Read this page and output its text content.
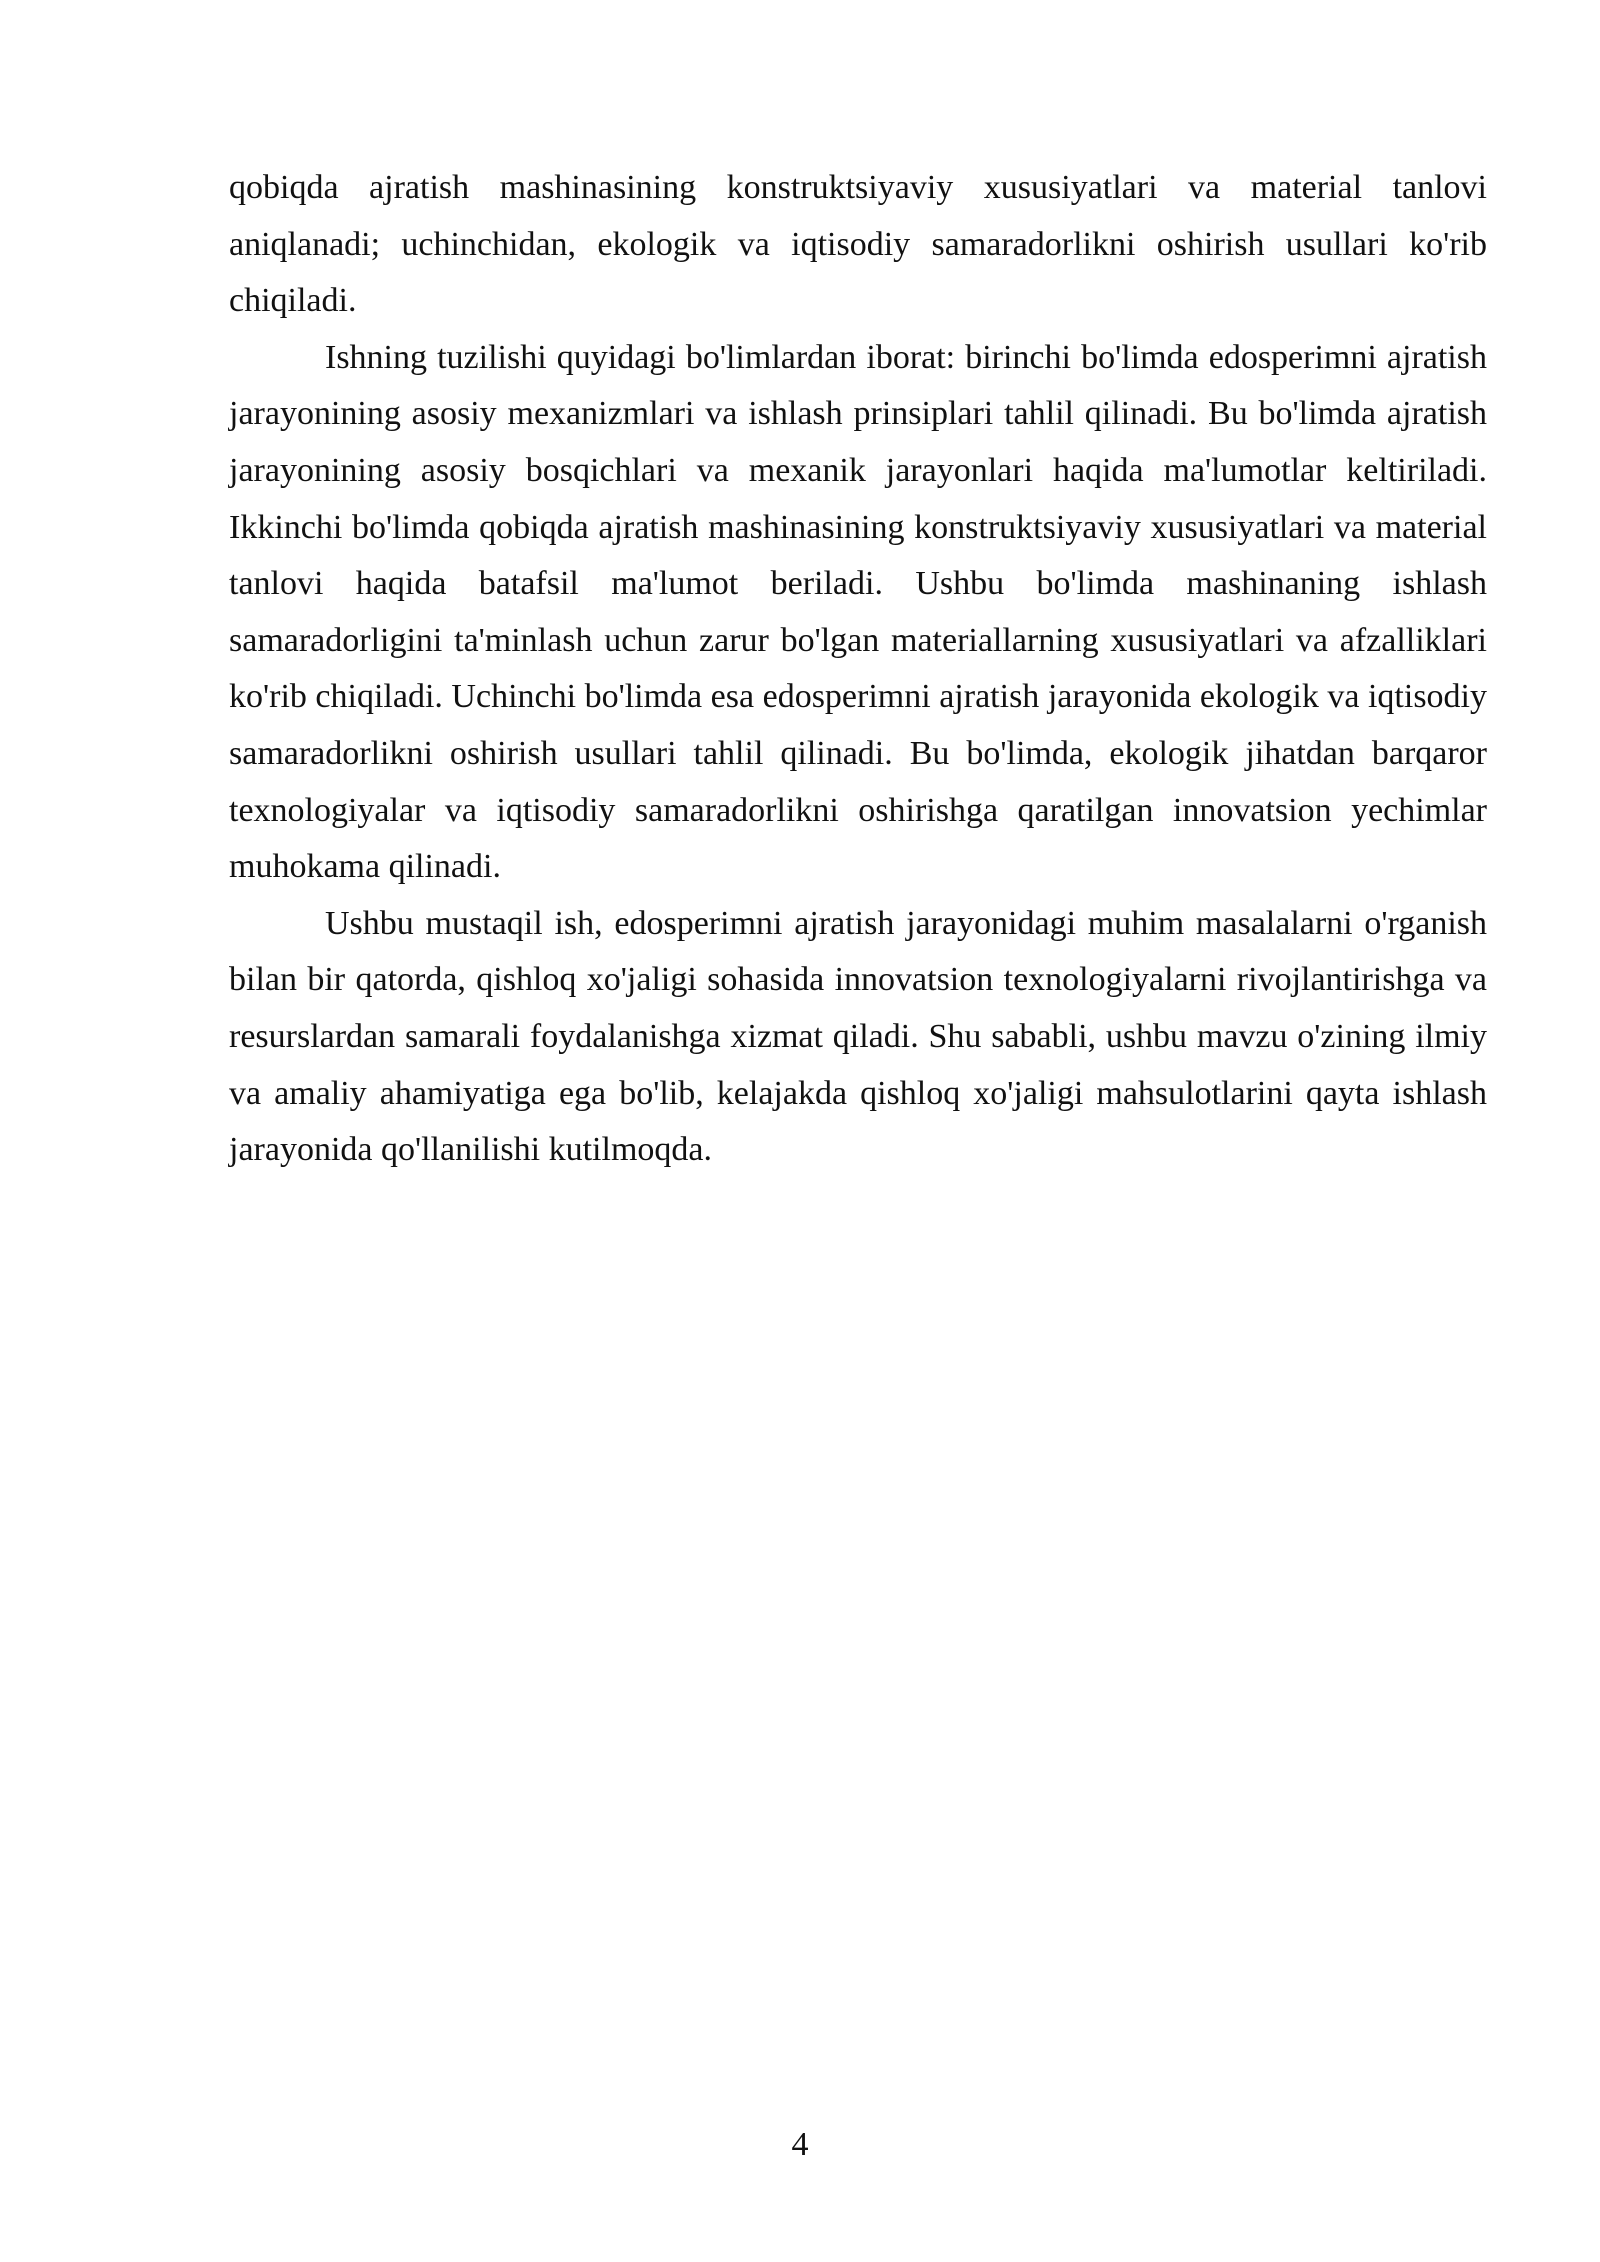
qobiqda ajratish mashinasining konstruktsiyaviy xususiyatlari va material tanlovi aniqlanadi; uchinchidan, ekologik va iqtisodiy samaradorlikni oshirish usullari ko'rib chiqiladi.

Ishning tuzilishi quyidagi bo'limlardan iborat: birinchi bo'limda edosperimni ajratish jarayonining asosiy mexanizmlari va ishlash prinsiplari tahlil qilinadi. Bu bo'limda ajratish jarayonining asosiy bosqichlari va mexanik jarayonlari haqida ma'lumotlar keltiriladi. Ikkinchi bo'limda qobiqda ajratish mashinasining konstruktsiyaviy xususiyatlari va material tanlovi haqida batafsil ma'lumot beriladi. Ushbu bo'limda mashinaning ishlash samaradorligini ta'minlash uchun zarur bo'lgan materiallarning xususiyatlari va afzalliklari ko'rib chiqiladi. Uchinchi bo'limda esa edosperimni ajratish jarayonida ekologik va iqtisodiy samaradorlikni oshirish usullari tahlil qilinadi. Bu bo'limda, ekologik jihatdan barqaror texnologiyalar va iqtisodiy samaradorlikni oshirishga qaratilgan innovatsion yechimlar muhokama qilinadi.

Ushbu mustaqil ish, edosperimni ajratish jarayonidagi muhim masalalarni o'rganish bilan bir qatorda, qishloq xo'jaligi sohasida innovatsion texnologiyalarni rivojlantirishga va resurslardan samarali foydalanishga xizmat qiladi. Shu sababli, ushbu mavzu o'zining ilmiy va amaliy ahamiyatiga ega bo'lib, kelajakda qishloq xo'jaligi mahsulotlarini qayta ishlash jarayonida qo'llanilishi kutilmoqda.

4
